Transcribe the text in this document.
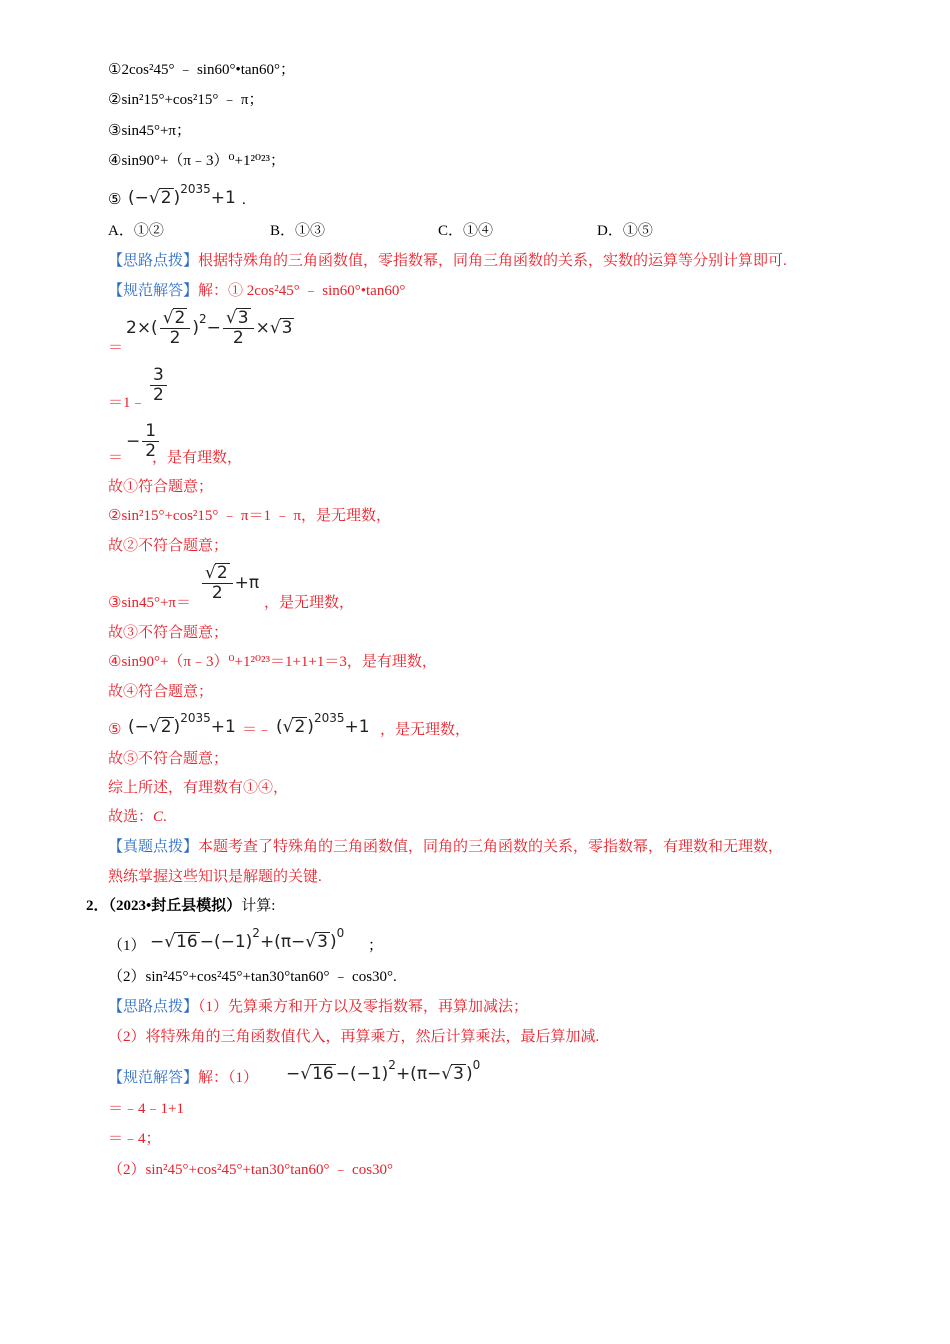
①2cos²45° ﹣ sin60°•tan60°；
②sin²15°+cos²15° ﹣ π；
③sin45°+π；
④sin90°+（π﹣3）⁰+1²⁰²³；
⑤ (−√2 )$^{2035}$+1 .
A．①②	B．①③	C．①④	D．①⑤
【思路点拨】根据特殊角的三角函数值，零指数幂，同角三角函数的关系，实数的运算等分别计算即可.
【规范解答】解：① 2cos²45° ﹣ sin60°•tan60°
＝
$2\times( \frac{√2}{2} )^2- \frac{√3}{2} \times√3$
＝1﹣ $\frac{3}{2}$
＝
− $\frac{1}{2}$
，是有理数，
故①符合题意；
②sin²15°+cos²15° ﹣ π＝1 ﹣ π，是无理数，
故②不符合题意；
③sin45°+π＝ $\frac{√2}{2} +\pi$
，是无理数，
故③不符合题意；
④sin90°+（π﹣3）⁰+1²⁰²³＝1+1+1＝3，是有理数，
故④符合题意；
⑤ (−√2 )$^{2035}$+1 ＝﹣ (√2 )$^{2035}$+1 ，是无理数，
故⑤不符合题意；
综上所述，有理数有①④，
故选：C.
【真题点拨】本题考查了特殊角的三角函数值，同角的三角函数的关系，零指数幂，有理数和无理数，
熟练掌握这些知识是解题的关键.
2．（2023•封丘县模拟）计算:
$(1) -√16 -(-1)^2+(\pi-√3$ )$^0$
；
（2）sin²45°+cos²45°+tan30°tan60° ﹣ cos30°.
【思路点拨】（1）先算乘方和开方以及零指数幂，再算加减法；
（2）将特殊角的三角函数值代入，再算乘方，然后计算乘法，最后算加减.
【规范解答】解：$(1) -√16 -(-1)^2+(\pi-√3$ )$^0$
＝﹣4﹣1+1
＝﹣4；
（2）sin²45°+cos²45°+tan30°tan60° ﹣ cos30°
